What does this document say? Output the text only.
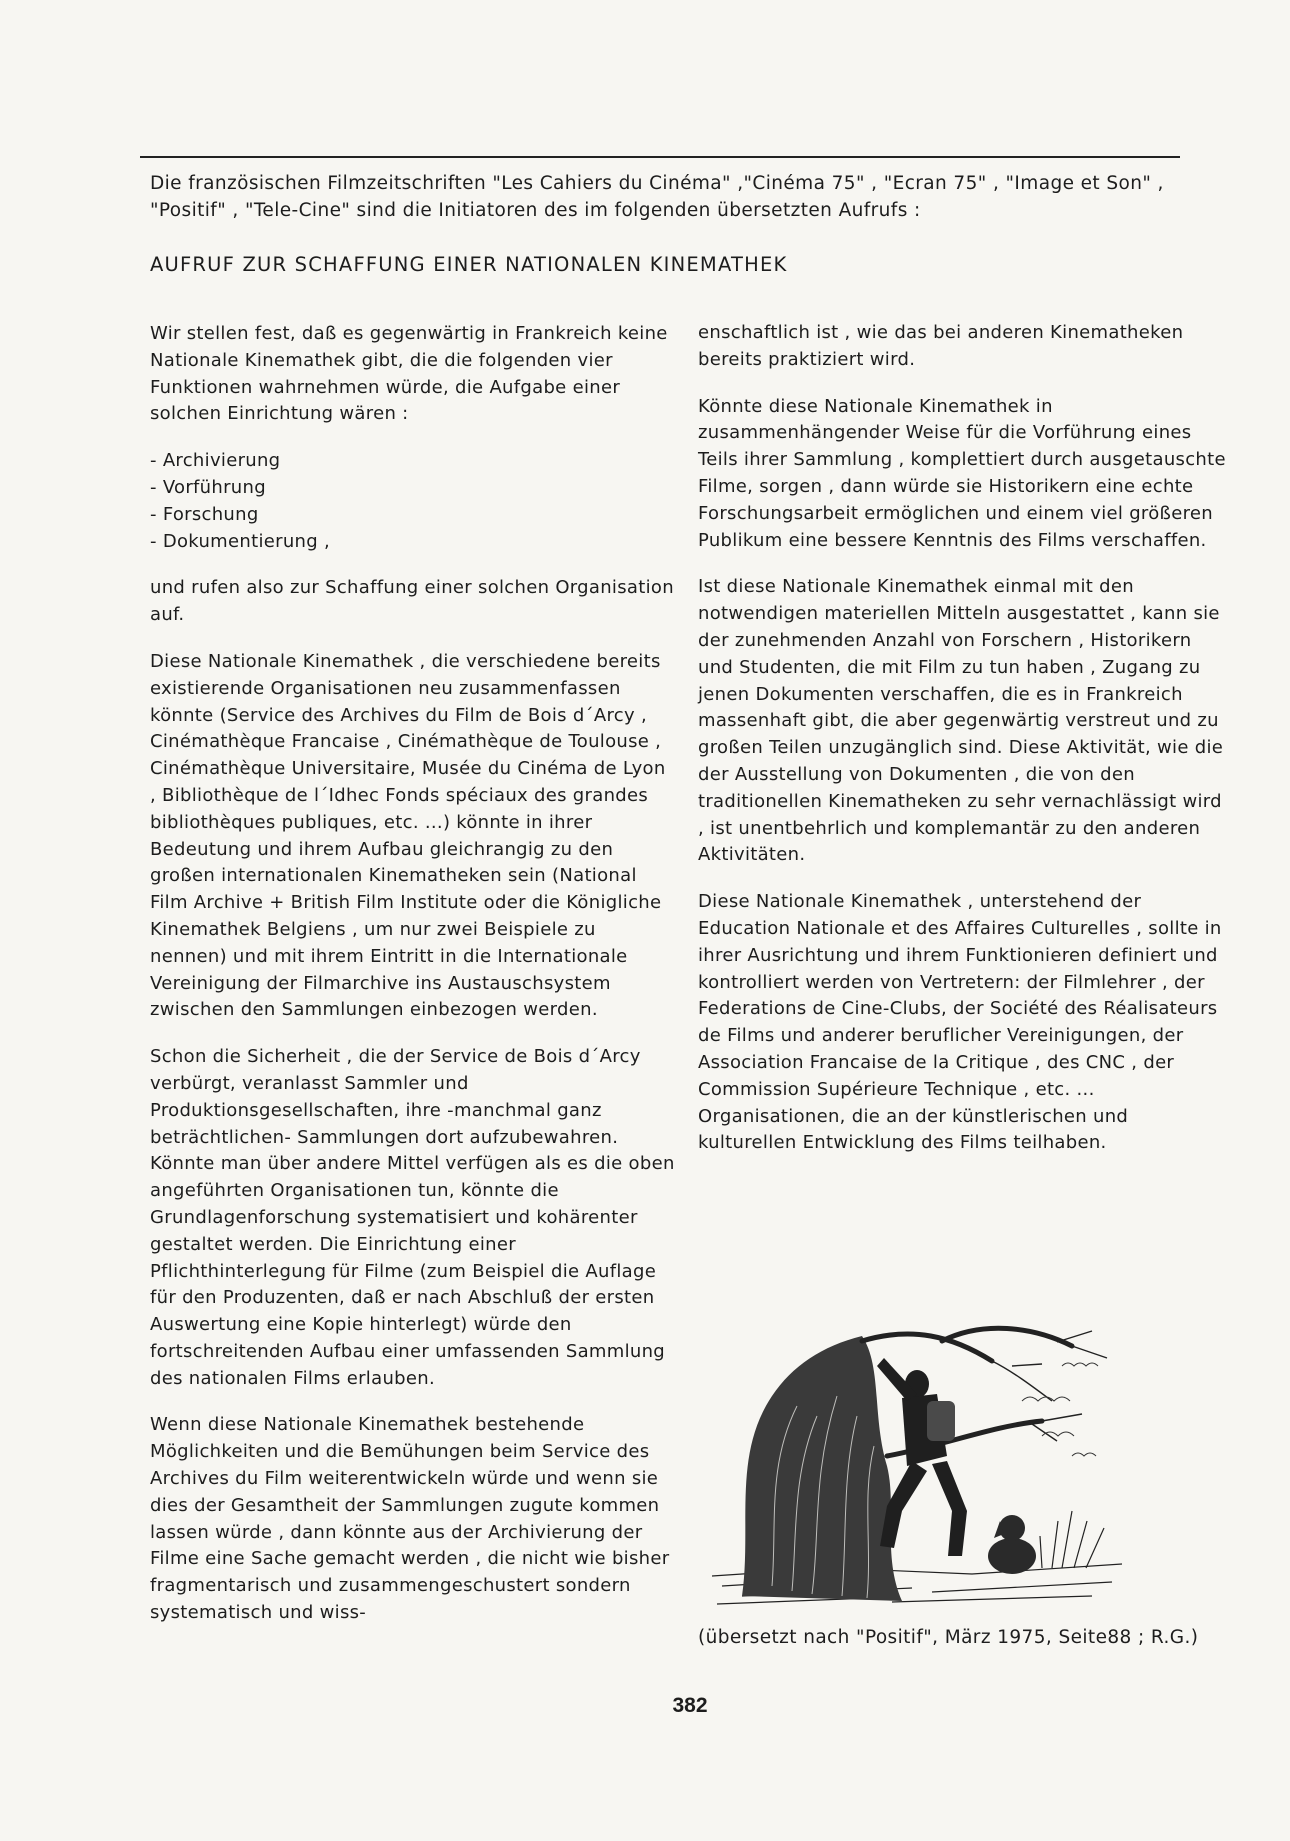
Die französischen Filmzeitschriften "Les Cahiers du Cinéma" ,"Cinéma 75" , "Ecran 75" , "Image et Son" , "Positif" , "Tele-Cine" sind die Initiatoren des im folgenden übersetzten Aufrufs :

AUFRUF ZUR SCHAFFUNG EINER NATIONALEN KINEMATHEK

Wir stellen fest, daß es gegenwärtig in Frankreich keine Nationale Kinemathek gibt, die die folgenden vier Funktionen wahrnehmen würde, die Aufgabe einer solchen Einrichtung wären :

- Archivierung
- Vorführung
- Forschung
- Dokumentierung ,

und rufen also zur Schaffung einer solchen Organisation auf.

Diese Nationale Kinemathek , die verschiedene bereits existierende Organisationen neu zusammenfassen könnte (Service des Archives du Film de Bois d´Arcy , Cinémathèque Francaise , Cinémathèque de Toulouse , Cinémathèque Universitaire, Musée du Cinéma de Lyon , Bibliothèque de l´Idhec Fonds spéciaux des grandes bibliothèques publiques, etc. ...) könnte in ihrer Bedeutung und ihrem Aufbau gleichrangig zu den großen internationalen Kinematheken sein (National Film Archive + British Film Institute oder die Königliche Kinemathek Belgiens , um nur zwei Beispiele zu nennen) und mit ihrem Eintritt in die Internationale Vereinigung der Filmarchive ins Austauschsystem zwischen den Sammlungen einbezogen werden.

Schon die Sicherheit , die der Service de Bois d´Arcy verbürgt, veranlasst Sammler und Produktionsgesellschaften, ihre -manchmal ganz beträchtlichen- Sammlungen dort aufzubewahren. Könnte man über andere Mittel verfügen als es die oben angeführten Organisationen tun, könnte die Grundlagenforschung systematisiert und kohärenter gestaltet werden. Die Einrichtung einer Pflichthinterlegung für Filme (zum Beispiel die Auflage für den Produzenten, daß er nach Abschluß der ersten Auswertung eine Kopie hinterlegt) würde den fortschreitenden Aufbau einer umfassenden Sammlung des nationalen Films erlauben.

Wenn diese Nationale Kinemathek bestehende Möglichkeiten und die Bemühungen beim Service des Archives du Film weiterentwickeln würde und wenn sie dies der Gesamtheit der Sammlungen zugute kommen lassen würde , dann könnte aus der Archivierung der Filme eine Sache gemacht werden , die nicht wie bisher fragmentarisch und zusammengeschustert sondern systematisch und wiss-

enschaftlich ist , wie das bei anderen Kinematheken bereits praktiziert wird.

Könnte diese Nationale Kinemathek in zusammenhängender Weise für die Vorführung eines Teils ihrer Sammlung , komplettiert durch ausgetauschte Filme, sorgen , dann würde sie Historikern eine echte Forschungsarbeit ermöglichen und einem viel größeren Publikum eine bessere Kenntnis des Films verschaffen.

Ist diese Nationale Kinemathek einmal mit den notwendigen materiellen Mitteln ausgestattet , kann sie der zunehmenden Anzahl von Forschern , Historikern und Studenten, die mit Film zu tun haben , Zugang zu jenen Dokumenten verschaffen, die es in Frankreich massenhaft gibt, die aber gegenwärtig verstreut und zu großen Teilen unzugänglich sind. Diese Aktivität, wie die der Ausstellung von Dokumenten , die von den traditionellen Kinematheken zu sehr vernachlässigt wird , ist unentbehrlich und komplemantär zu den anderen Aktivitäten.

Diese Nationale Kinemathek , unterstehend der Education Nationale et des Affaires Culturelles , sollte in ihrer Ausrichtung und ihrem Funktionieren definiert und kontrolliert werden von Vertretern: der Filmlehrer , der Federations de Cine-Clubs, der Société des Réalisateurs de Films und anderer beruflicher Vereinigungen, der Association Francaise de la Critique , des CNC , der Commission Supérieure Technique , etc. ... Organisationen, die an der künstlerischen und kulturellen Entwicklung des Films teilhaben.

(übersetzt nach "Positif", März 1975, Seite88 ; R.G.)

382
